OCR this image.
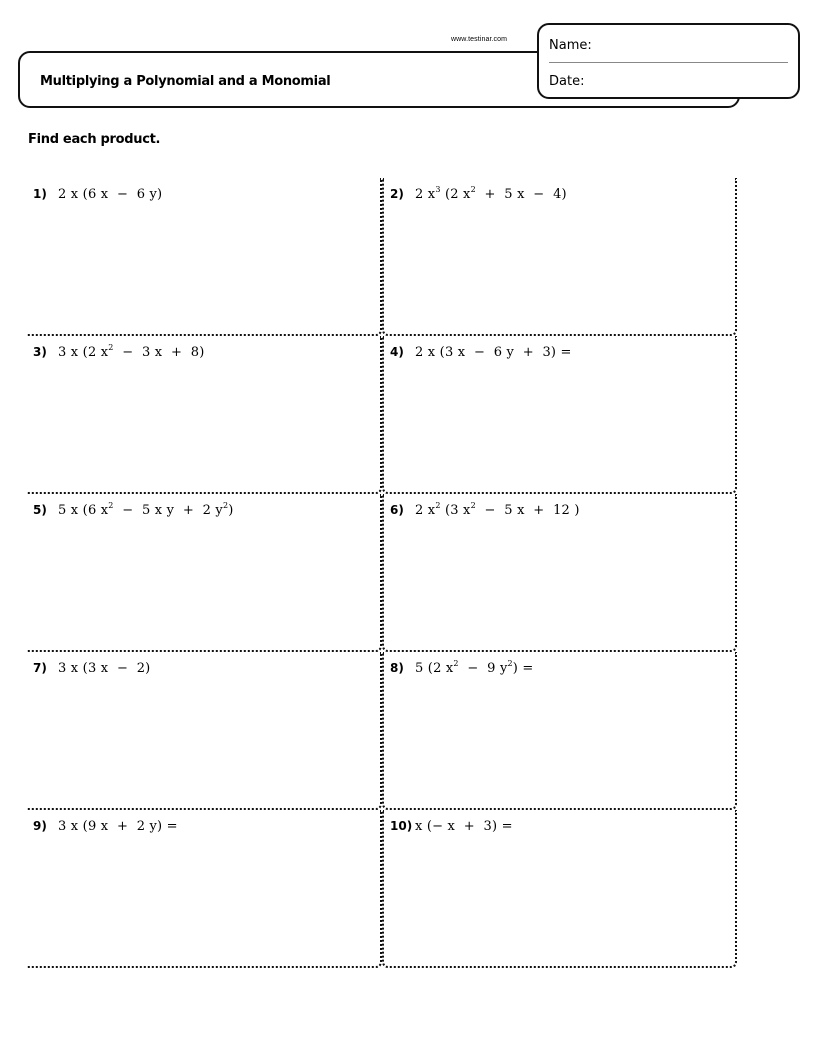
www.testinar.com
Multiplying a Polynomial and a Monomial
Name:
Date:
Find each product.
1) 2 x (6 x  −  6 y)	2) 2 $x^3$ (2 $x^2 + 5$ x  −  4)
3) 3 x (2 $x^2 - 3$ x  +  8)	4) 2 x (3 x  −  6 y  +  3) =
5) 5 x (6 $x^2 - 5$ x y  +  2 $y^2$)	6) 2 $x^2$ (3 $x^2 - 5$ x  +  12 )
7) 3 x (3 x  −  2)	8) 5 (2 $x^2 - 9$ $y^2$) =
9) 3 x (9 x  +  2 y) =	10) x (− x  +  3) =
